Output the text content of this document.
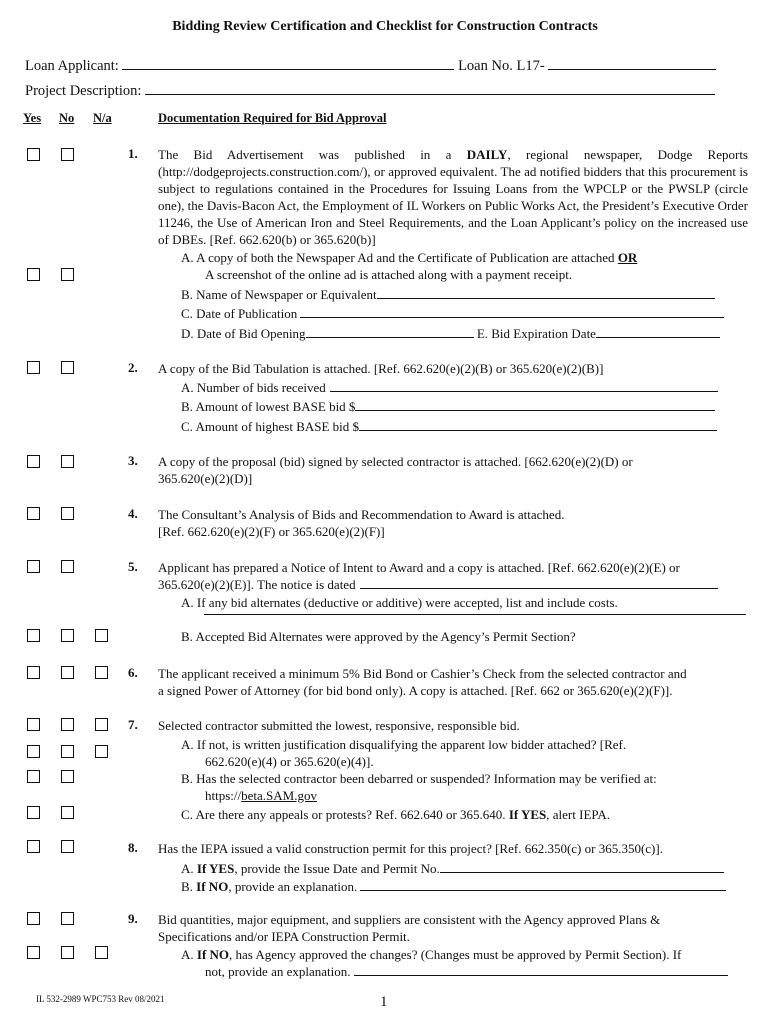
Bidding Review Certification and Checklist for Construction Contracts
Loan Applicant:	Loan No. L17-
Project Description:
Yes No N/a	Documentation Required for Bid Approval
1. The Bid Advertisement was published in a DAILY, regional newspaper, Dodge Reports (http://dodgeprojects.construction.com/), or approved equivalent. The ad notified bidders that this procurement is subject to regulations contained in the Procedures for Issuing Loans from the WPCLP or the PWSLP (circle one), the Davis-Bacon Act, the Employment of IL Workers on Public Works Act, the President’s Executive Order 11246, the Use of American Iron and Steel Requirements, and the Loan Applicant’s policy on the increased use of DBEs. [Ref. 662.620(b) or 365.620(b)]
A. A copy of both the Newspaper Ad and the Certificate of Publication are attached OR
A screenshot of the online ad is attached along with a payment receipt.
B. Name of Newspaper or Equivalent
C. Date of Publication
D. Date of Bid Opening	E. Bid Expiration Date
2. A copy of the Bid Tabulation is attached. [Ref. 662.620(e)(2)(B) or 365.620(e)(2)(B)]
A. Number of bids received
B. Amount of lowest BASE bid $
C. Amount of highest BASE bid $
3. A copy of the proposal (bid) signed by selected contractor is attached. [662.620(e)(2)(D) or
365.620(e)(2)(D)]
4. The Consultant’s Analysis of Bids and Recommendation to Award is attached.
[Ref. 662.620(e)(2)(F) or 365.620(e)(2)(F)]
5. Applicant has prepared a Notice of Intent to Award and a copy is attached. [Ref. 662.620(e)(2)(E) or
365.620(e)(2)(E)]. The notice is dated
A. If any bid alternates (deductive or additive) were accepted, list and include costs.
B. Accepted Bid Alternates were approved by the Agency’s Permit Section?
6. The applicant received a minimum 5% Bid Bond or Cashier’s Check from the selected contractor and
a signed Power of Attorney (for bid bond only). A copy is attached. [Ref. 662 or 365.620(e)(2)(F)].
7. Selected contractor submitted the lowest, responsive, responsible bid.
A. If not, is written justification disqualifying the apparent low bidder attached? [Ref.
662.620(e)(4) or 365.620(e)(4)].
B. Has the selected contractor been debarred or suspended? Information may be verified at:
https://beta.SAM.gov
C. Are there any appeals or protests? Ref. 662.640 or 365.640. If YES, alert IEPA.
8. Has the IEPA issued a valid construction permit for this project? [Ref. 662.350(c) or 365.350(c)].
A. If YES, provide the Issue Date and Permit No.
B. If NO, provide an explanation.
9. Bid quantities, major equipment, and suppliers are consistent with the Agency approved Plans &
Specifications and/or IEPA Construction Permit.
A. If NO, has Agency approved the changes? (Changes must be approved by Permit Section). If
not, provide an explanation.
IL 532-2989 WPC753 Rev 08/2021	1
